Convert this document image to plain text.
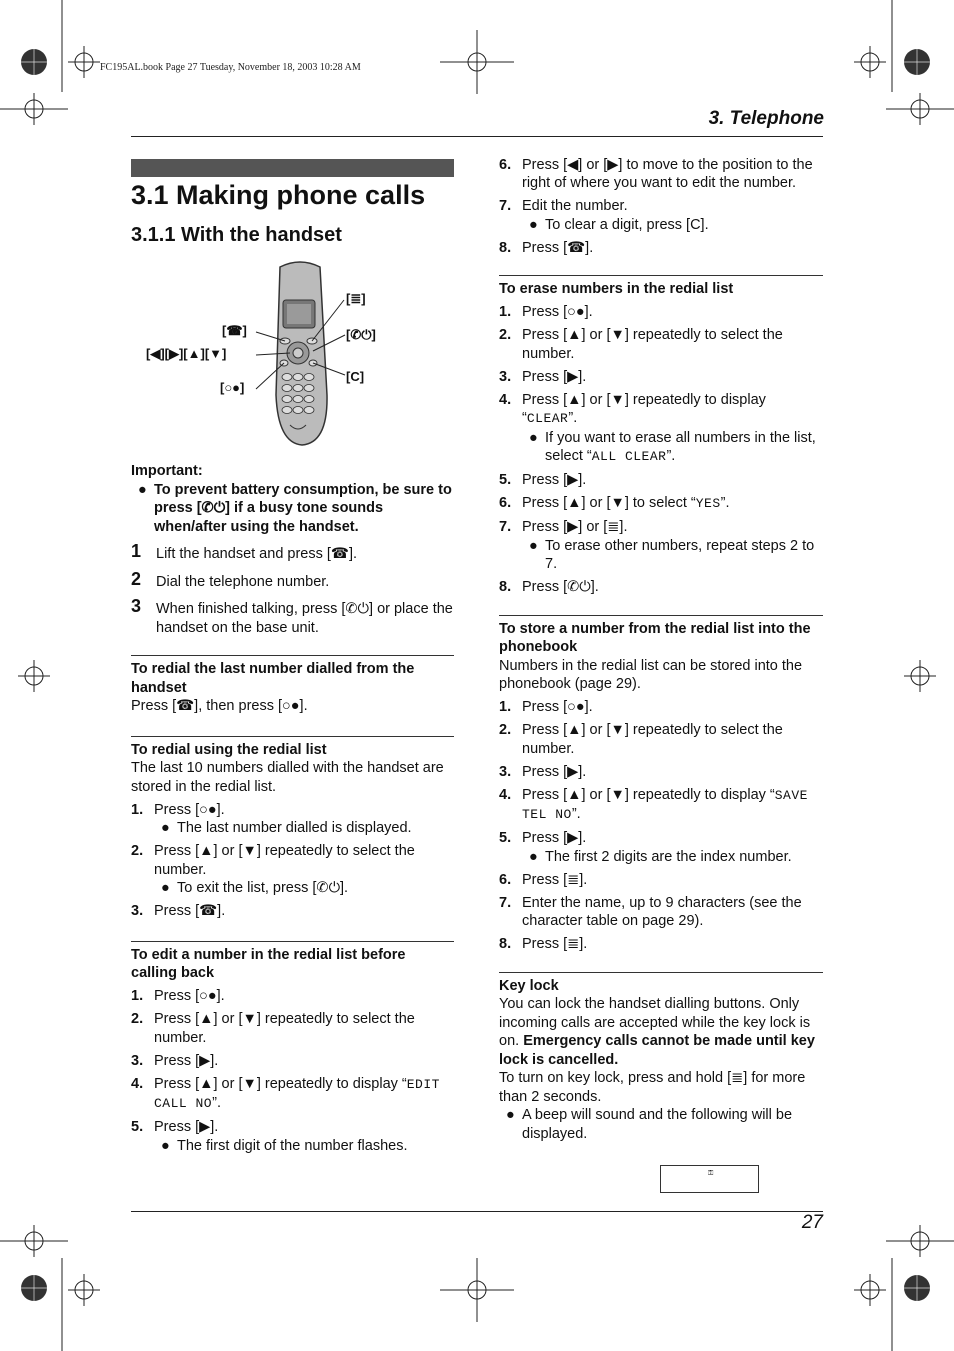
FC195AL.book Page 27 Tuesday, November 18, 2003 10:28 AM
3. Telephone
3.1 Making phone calls
3.1.1 With the handset
[≣]
[☎]	[✆⏻]
[◀][▶][▲][▼]
[C]
[○●]

Important:

● To prevent battery consumption, be sure to press [✆⏻] if a busy tone sounds when/after using the handset.
1 Lift the handset and press [☎].
2 Dial the telephone number.
3 When finished talking, press [✆⏻] or place the handset on the base unit.

To redial the last number dialled from the handset

Press [☎], then press [○●].

To redial using the redial list

The last 10 numbers dialled with the handset are stored in the redial list.

1. Press [○●].
● The last number dialled is displayed.
2. Press [▲] or [▼] repeatedly to select the number.
● To exit the list, press [✆⏻].
3. Press [☎].

To edit a number in the redial list before calling back

1. Press [○●].
2. Press [▲] or [▼] repeatedly to select the number.
3. Press [▶].
4. Press [▲] or [▼] repeatedly to display “EDIT CALL NO”.
5. Press [▶].
● The first digit of the number flashes.
6. Press [◀] or [▶] to move to the position to the right of where you want to edit the number.
7. Edit the number.
● To clear a digit, press [C].
8. Press [☎].

To erase numbers in the redial list

1. Press [○●].
2. Press [▲] or [▼] repeatedly to select the number.
3. Press [▶].
4. Press [▲] or [▼] repeatedly to display “CLEAR”.
● If you want to erase all numbers in the list, select “ALL CLEAR”.
5. Press [▶].
6. Press [▲] or [▼] to select “YES”.
7. Press [▶] or [≣].
● To erase other numbers, repeat steps 2 to 7.
8. Press [✆⏻].

To store a number from the redial list into the phonebook

Numbers in the redial list can be stored into the phonebook (page 29).

1. Press [○●].
2. Press [▲] or [▼] repeatedly to select the number.
3. Press [▶].
4. Press [▲] or [▼] repeatedly to display “SAVE TEL NO”.
5. Press [▶].
● The first 2 digits are the index number.
6. Press [≣].
7. Enter the name, up to 9 characters (see the character table on page 29).
8. Press [≣].

Key lock

You can lock the handset dialling buttons. Only incoming calls are accepted while the key lock is on. Emergency calls cannot be made until key lock is cancelled.

To turn on key lock, press and hold [≣] for more than 2 seconds.

● A beep will sound and the following will be displayed.
⚿
27
